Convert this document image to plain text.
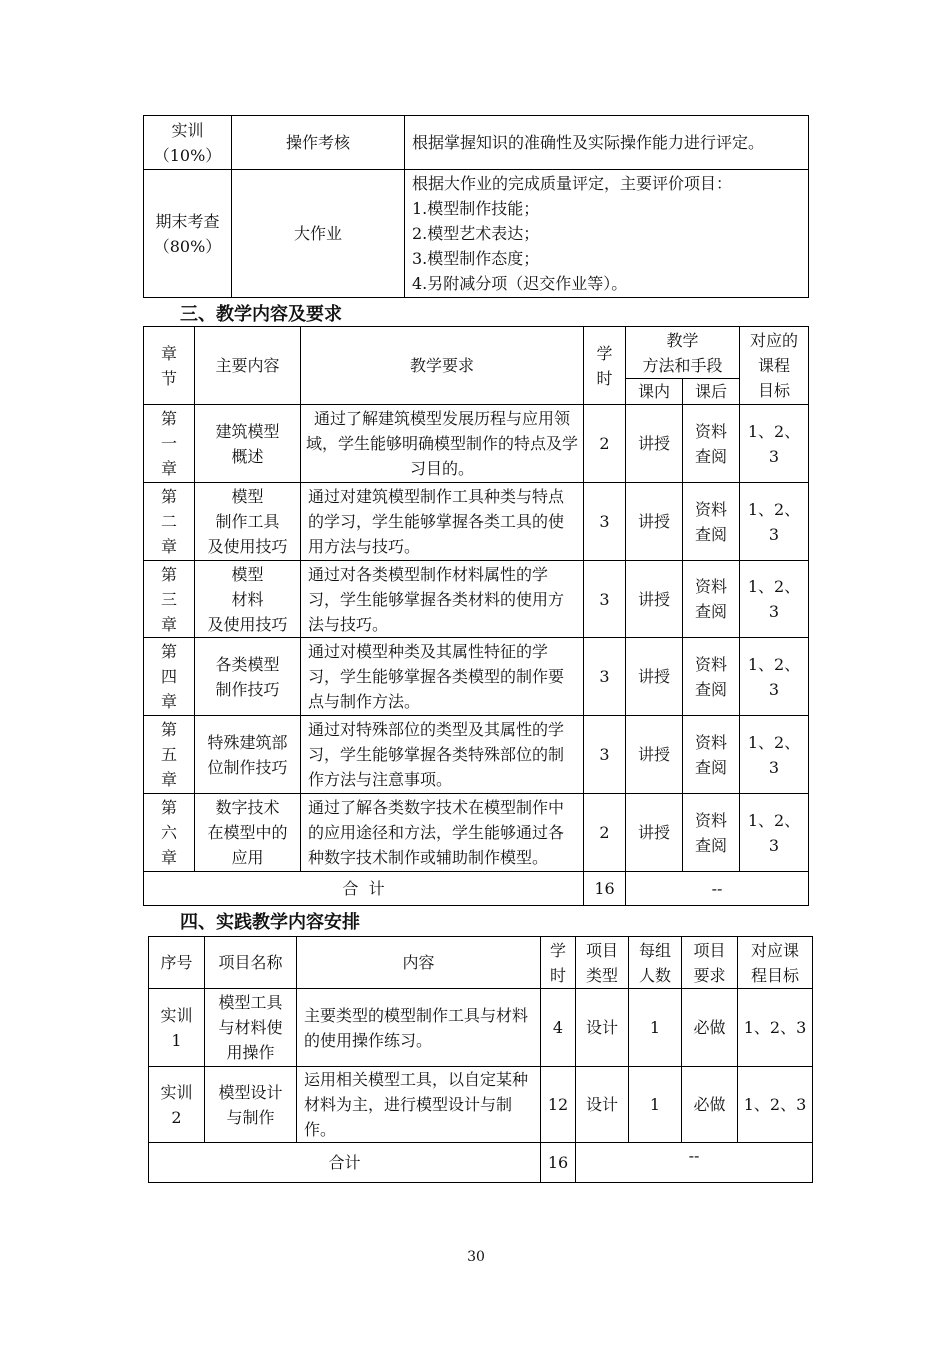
实训
（10%）	操作考核	根据掌握知识的准确性及实际操作能力进行评定。
期末考查
（80%）	大作业	根据大作业的完成质量评定，主要评价项目：
1.模型制作技能；
2.模型艺术表达；
3.模型制作态度；
4.另附减分项（迟交作业等）。
三、教学内容及要求
章
节	主要内容	教学要求	学
时	教学
方法和手段		对应的
课程
目标
				课内	课后	
第
一
章	建筑模型
概述	通过了解建筑模型发展历程与应用领域，学生能够明确模型制作的特点及学习目的。	2	讲授	资料
查阅	1、2、3
第
二
章	模型
制作工具
及使用技巧	通过对建筑模型制作工具种类与特点的学习，学生能够掌握各类工具的使用方法与技巧。	3	讲授	资料
查阅	1、2、3
第
三
章	模型
材料
及使用技巧	通过对各类模型制作材料属性的学习，学生能够掌握各类材料的使用方法与技巧。	3	讲授	资料
查阅	1、2、3
第
四
章	各类模型
制作技巧	通过对模型种类及其属性特征的学习，学生能够掌握各类模型的制作要点与制作方法。	3	讲授	资料
查阅	1、2、3
第
五
章	特殊建筑部
位制作技巧	通过对特殊部位的类型及其属性的学习，学生能够掌握各类特殊部位的制作方法与注意事项。	3	讲授	资料
查阅	1、2、3
第
六
章	数字技术
在模型中的
应用	通过了解各类数字技术在模型制作中的应用途径和方法，学生能够通过各种数字技术制作或辅助制作模型。	2	讲授	资料
查阅	1、2、3
合  计			16	--		
四、实践教学内容安排
序号	项目名称	内容	学
时	项目
类型	每组
人数	项目
要求	对应课
程目标
实训 1	模型工具
与材料使
用操作	主要类型的模型制作工具与材料的使用操作练习。	4	设计	1	必做	1、2、3
实训 2	模型设计
与制作	运用相关模型工具，以自定某种材料为主，进行模型设计与制作。	12	设计	1	必做	1、2、3
合计			16	--			
30
